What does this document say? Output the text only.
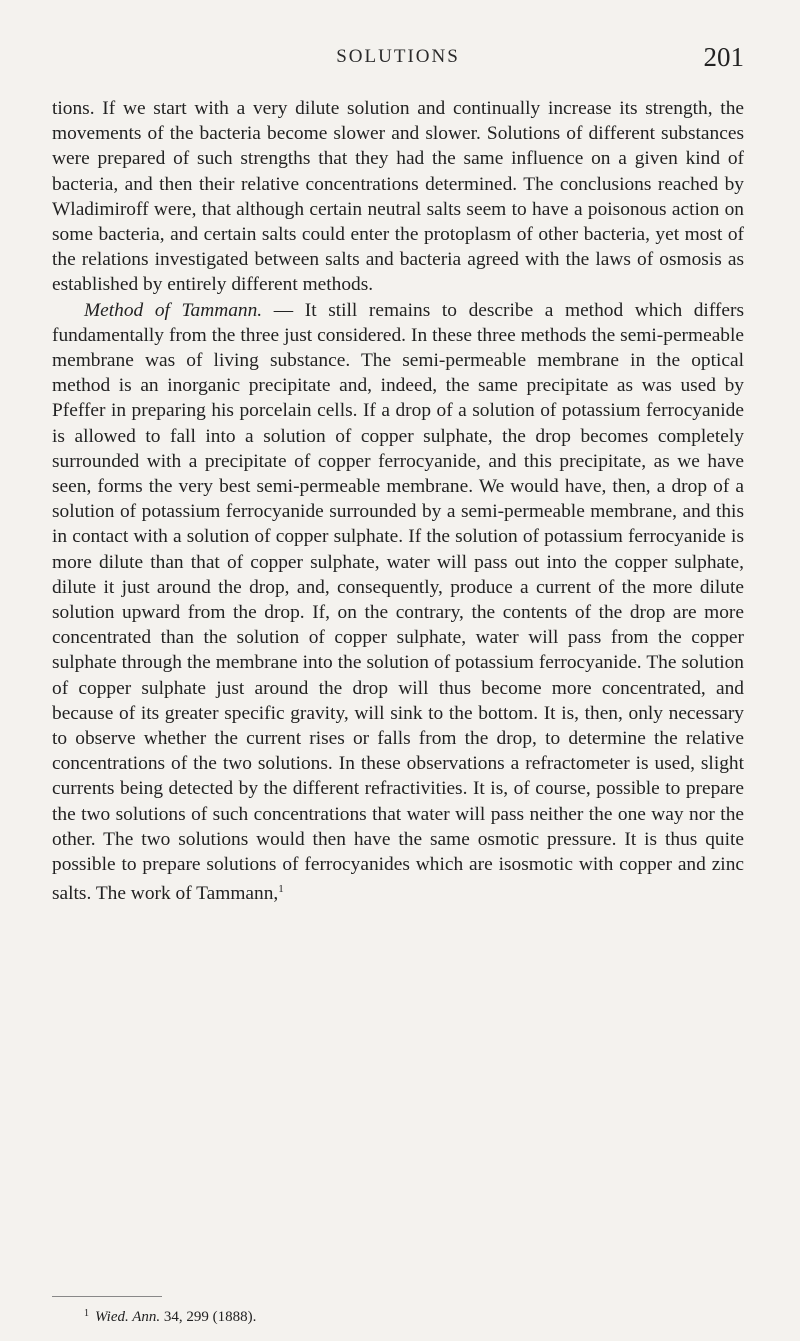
SOLUTIONS	201

tions. If we start with a very dilute solution and continually increase its strength, the movements of the bacteria become slower and slower. Solutions of different substances were prepared of such strengths that they had the same influence on a given kind of bacteria, and then their relative concentrations determined. The conclusions reached by Wladimiroff were, that although certain neutral salts seem to have a poisonous action on some bacteria, and certain salts could enter the protoplasm of other bacteria, yet most of the relations investigated between salts and bacteria agreed with the laws of osmosis as established by entirely different methods.

Method of Tammann. — It still remains to describe a method which differs fundamentally from the three just considered. In these three methods the semi-permeable membrane was of living substance. The semi-permeable membrane in the optical method is an inorganic precipitate and, indeed, the same precipitate as was used by Pfeffer in preparing his porcelain cells. If a drop of a solution of potassium ferrocyanide is allowed to fall into a solution of copper sulphate, the drop becomes completely surrounded with a precipitate of copper ferrocyanide, and this precipitate, as we have seen, forms the very best semi-permeable membrane. We would have, then, a drop of a solution of potassium ferrocyanide surrounded by a semi-permeable membrane, and this in contact with a solution of copper sulphate. If the solution of potassium ferrocyanide is more dilute than that of copper sulphate, water will pass out into the copper sulphate, dilute it just around the drop, and, consequently, produce a current of the more dilute solution upward from the drop. If, on the contrary, the contents of the drop are more concentrated than the solution of copper sulphate, water will pass from the copper sulphate through the membrane into the solution of potassium ferrocyanide. The solution of copper sulphate just around the drop will thus become more concentrated, and because of its greater specific gravity, will sink to the bottom. It is, then, only necessary to observe whether the current rises or falls from the drop, to determine the relative concentrations of the two solutions. In these observations a refractometer is used, slight currents being detected by the different refractivities. It is, of course, possible to prepare the two solutions of such concentrations that water will pass neither the one way nor the other. The two solutions would then have the same osmotic pressure. It is thus quite possible to prepare solutions of ferrocyanides which are isosmotic with copper and zinc salts. The work of Tammann,$^1$

$^1$ Wied. Ann. 34, 299 (1888).
